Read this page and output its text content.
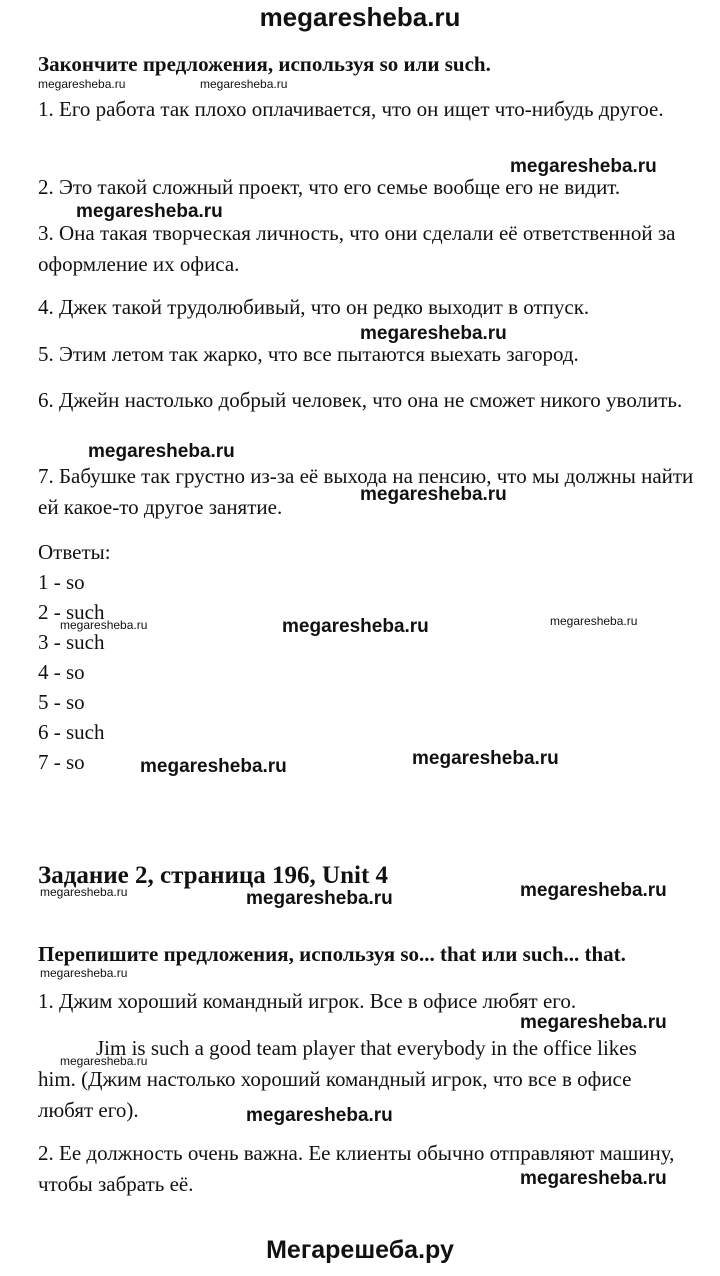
megaresheba.ru
Закончите предложения, используя so или such.
1. Его работа так плохо оплачивается, что он ищет что-нибудь другое.
2. Это такой сложный проект, что его семье вообще его не видит.
3. Она такая творческая личность, что они сделали её ответственной за оформление их офиса.
4. Джек такой трудолюбивый, что он редко выходит в отпуск.
5. Этим летом так жарко, что все пытаются выехать загород.
6. Джейн настолько добрый человек, что она не сможет никого уволить.
7. Бабушке так грустно из-за её выхода на пенсию, что мы должны найти ей какое-то другое занятие.
Ответы:
1 - so
2 - such
3 - such
4 - so
5 - so
6 - such
7 - so
Задание 2, страница 196, Unit 4
Перепишите предложения, используя so... that или such... that.
1. Джим хороший командный игрок. Все в офисе любят его.
Jim is such a good team player that everybody in the office likes
him. (Джим настолько хороший командный игрок, что все в офисе любят его).
2. Ее должность очень важна. Ее клиенты обычно отправляют машину, чтобы забрать её.
megaresheba.ru
megaresheba.ru
megaresheba.ru
megaresheba.ru
megaresheba.ru
megaresheba.ru
megaresheba.ru	megaresheba.ru
megaresheba.ru
megaresheba.ru
megaresheba.ru
megaresheba.ru
megaresheba.ru
megaresheba.ru	megaresheba.ru
megaresheba.ru	megaresheba.ru
megaresheba.ru
megaresheba.ru
megaresheba.ru
Мегарешеба.ру
